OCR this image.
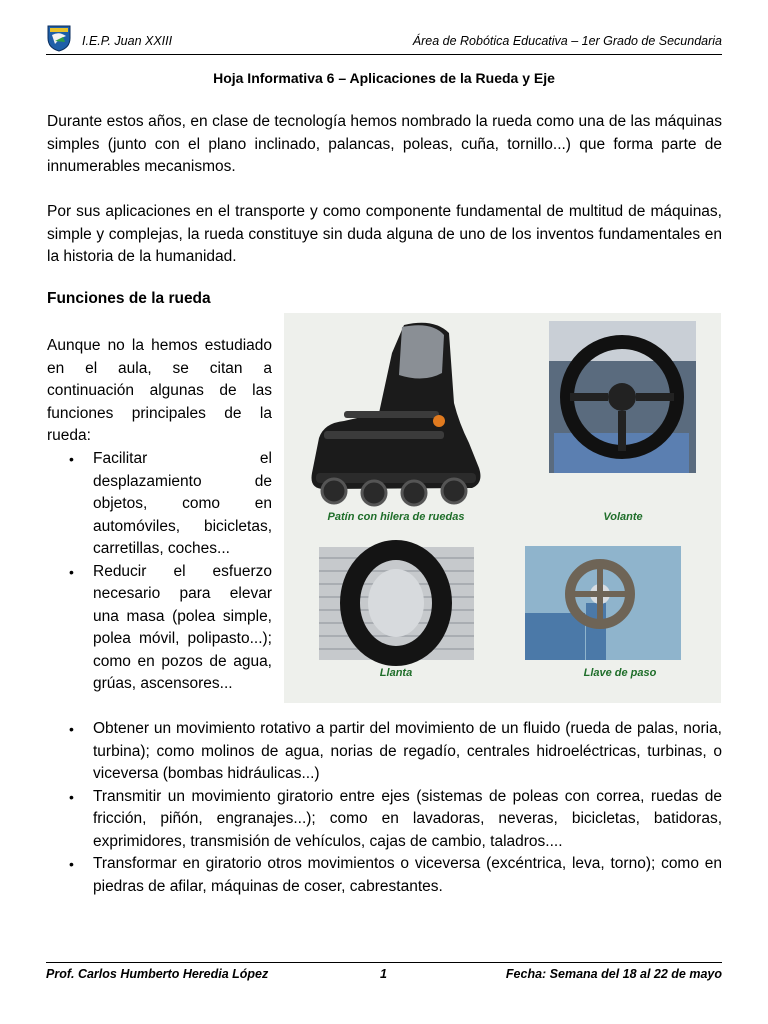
I.E.P. Juan XXIII	Área de Robótica Educativa – 1er Grado de Secundaria
Hoja Informativa 6 – Aplicaciones de la Rueda y Eje

Durante estos años, en clase de tecnología hemos nombrado la rueda como una de las máquinas simples (junto con el plano inclinado, palancas, poleas, cuña, tornillo...) que forma parte de innumerables mecanismos.

Por sus aplicaciones en el transporte y como componente fundamental de multitud de máquinas, simple y complejas, la rueda constituye sin duda alguna de uno de los inventos fundamentales en la historia de la humanidad.

Funciones de la rueda

Aunque no la hemos estudiado en el aula, se citan a continuación algunas de las funciones principales de la rueda:

• Facilitar el desplazamiento de objetos, como en automóviles, bicicletas, carretillas, coches...
• Reducir el esfuerzo necesario para elevar una masa (polea simple, polea móvil, polipasto...); como en pozos de agua, grúas, ascensores...
Patín con hilera de ruedas	Volante
Llanta	Llave de paso
• Obtener un movimiento rotativo a partir del movimiento de un fluido (rueda de palas, noria, turbina); como molinos de agua, norias de regadío, centrales hidroeléctricas, turbinas, o viceversa (bombas hidráulicas...)
• Transmitir un movimiento giratorio entre ejes (sistemas de poleas con correa, ruedas de fricción, piñón, engranajes...); como en lavadoras, neveras, bicicletas, batidoras, exprimidores, transmisión de vehículos, cajas de cambio, taladros....
• Transformar en giratorio otros movimientos o viceversa (excéntrica, leva, torno); como en piedras de afilar, máquinas de coser, cabrestantes.
Prof. Carlos Humberto Heredia López	1	Fecha: Semana del 18 al 22 de mayo
